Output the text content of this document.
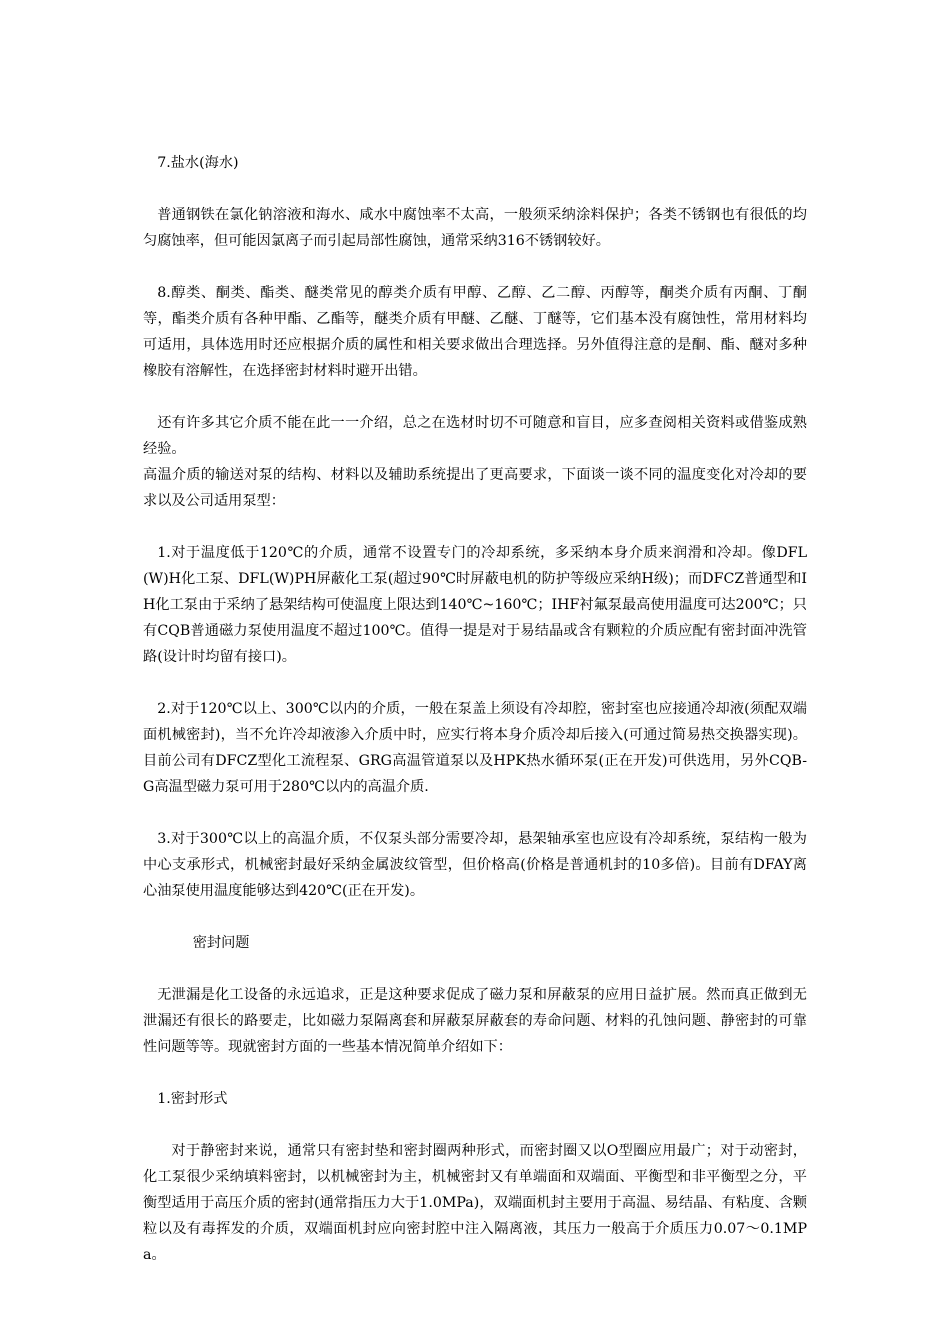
7.盐水(海水)

普通钢铁在氯化钠溶液和海水、咸水中腐蚀率不太高，一般须采纳涂料保护；各类不锈钢也有很低的均匀腐蚀率，但可能因氯离子而引起局部性腐蚀，通常采纳316不锈钢较好。

8.醇类、酮类、酯类、醚类常见的醇类介质有甲醇、乙醇、乙二醇、丙醇等，酮类介质有丙酮、丁酮等，酯类介质有各种甲酯、乙酯等，醚类介质有甲醚、乙醚、丁醚等，它们基本没有腐蚀性，常用材料均可适用，具体选用时还应根据介质的属性和相关要求做出合理选择。另外值得注意的是酮、酯、醚对多种橡胶有溶解性，在选择密封材料时避开出错。

还有许多其它介质不能在此一一介绍，总之在选材时切不可随意和盲目，应多查阅相关资料或借鉴成熟经验。

高温介质的输送对泵的结构、材料以及辅助系统提出了更高要求，下面谈一谈不同的温度变化对冷却的要求以及公司适用泵型：

1.对于温度低于120℃的介质，通常不设置专门的冷却系统，多采纳本身介质来润滑和冷却。像DFL(W)H化工泵、DFL(W)PH屏蔽化工泵(超过90℃时屏蔽电机的防护等级应采纳H级)；而DFCZ普通型和IH化工泵由于采纳了悬架结构可使温度上限达到140℃~160℃；IHF衬氟泵最高使用温度可达200℃；只有CQB普通磁力泵使用温度不超过100℃。值得一提是对于易结晶或含有颗粒的介质应配有密封面冲洗管路(设计时均留有接口)。

2.对于120℃以上、300℃以内的介质，一般在泵盖上须设有冷却腔，密封室也应接通冷却液(须配双端面机械密封)，当不允许冷却液渗入介质中时，应实行将本身介质冷却后接入(可通过简易热交换器实现)。目前公司有DFCZ型化工流程泵、GRG高温管道泵以及HPK热水循环泵(正在开发)可供选用，另外CQB-G高温型磁力泵可用于280℃以内的高温介质.

3.对于300℃以上的高温介质，不仅泵头部分需要冷却，悬架轴承室也应设有冷却系统，泵结构一般为中心支承形式，机械密封最好采纳金属波纹管型，但价格高(价格是普通机封的10多倍)。目前有DFAY离心油泵使用温度能够达到420℃(正在开发)。

密封问题

无泄漏是化工设备的永远追求，正是这种要求促成了磁力泵和屏蔽泵的应用日益扩展。然而真正做到无泄漏还有很长的路要走，比如磁力泵隔离套和屏蔽泵屏蔽套的寿命问题、材料的孔蚀问题、静密封的可靠性问题等等。现就密封方面的一些基本情况简单介绍如下：

1.密封形式

对于静密封来说，通常只有密封垫和密封圈两种形式，而密封圈又以O型圈应用最广；对于动密封，化工泵很少采纳填料密封，以机械密封为主，机械密封又有单端面和双端面、平衡型和非平衡型之分，平衡型适用于高压介质的密封(通常指压力大于1.0MPa)，双端面机封主要用于高温、易结晶、有粘度、含颗粒以及有毒挥发的介质，双端面机封应向密封腔中注入隔离液，其压力一般高于介质压力0.07～0.1MPa。
